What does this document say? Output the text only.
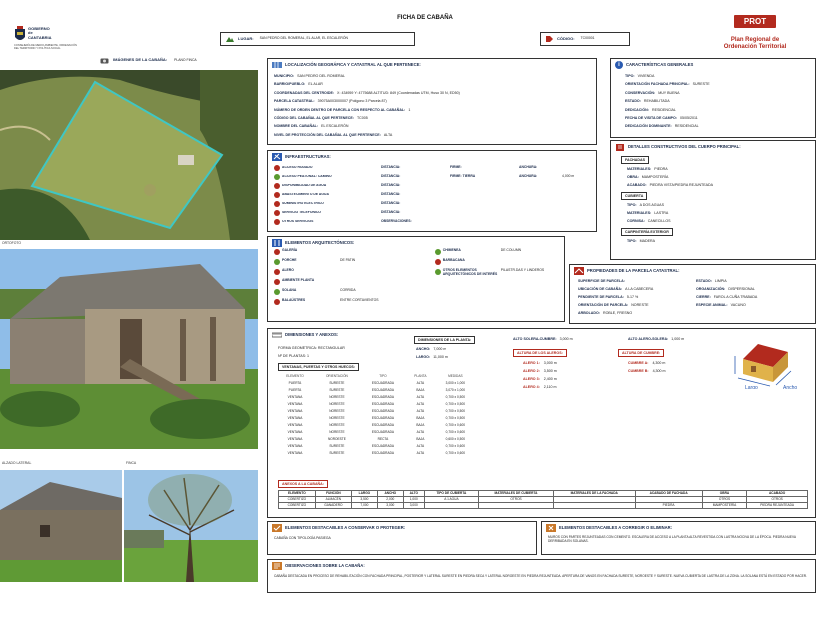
GOBIERNO
de
CANTABRIA
CONSEJERÍA DE MEDIO AMBIENTE, ORDENACIÓN
DEL TERRITORIO Y POLÍTICA SOCIAL
FICHA DE CABAÑA
LUGAR: SAN PEDRO DEL ROMERAL, EL ALAR, EL ESCALERÓN	CÓDIGO: TC00001
PROT
Plan Regional de
Ordenación Territorial
IMÁGENES DE LA CABAÑA: PLANO FINCA
ORTOFOTO
ALZADO LATERAL	FINCA
LOCALIZACIÓN GEOGRÁFICA Y CATASTRAL AL QUE PERTENECE:
MUNICIPIO: SAN PEDRO DEL ROMERAL
BARRIO/PUEBLO: EL ALAR
COORDENADAS DEL CENTROIDE: X: 434959 Y: 4775688 ALTITUD: 849 (Coordenadas UTM, Huso 30 N, ED50)
PARCELA CATASTRAL: 39075A003000007 (Polígono 3 Parcela 87)
NÚMERO DE ORDEN DENTRO DE PARCELA CON RESPECTO AL CABAÑAL: 1
CÓDIGO DEL CABAÑAL AL QUE PERTENECE: TC005
NOMBRE DEL CABAÑAL: EL ESCALERÓN
NIVEL DE PROTECCIÓN DEL CABAÑAL AL QUE PERTENECE: ALTA
i	CARACTERÍSTICAS GENERALES
TIPO: VIVIENDA
ORIENTACIÓN FACHADA PRINCIPAL: SURESTE
CONSERVACIÓN: MUY BUENA
ESTADO: REHABILITADA
DEDICACIÓN: RESIDENCIAL
FECHA DE VISITA DE CAMPO: 05/05/2011
DEDICACIÓN DOMINANTE: RESIDENCIAL
INFRAESTRUCTURAS:
ACCESO RODADO	DISTANCIA:	FIRME:	ANCHURA:
ACCESO PEATONAL: CAMINO	DISTANCIA:	FIRME: TIERRA	ANCHURA:	4,000 m
DISPONIBILIDAD DE AGUA	DISTANCIA:
ABASTECIMIENTO DE AGUA	DISTANCIA:
SUMINISTRO ELÉCTRICO	DISTANCIA:
SERVICIO TELEFÓNICO	DISTANCIA:
OTROS SERVICIOS	OBSERVACIONES:
DETALLES CONSTRUCTIVOS DEL CUERPO PRINCIPAL:
FACHADAS
MATERIALES: PIEDRA
OBRA: MAMPOSTERÍA
ACABADO: PIEDRA VISTA/PIEDRA REJUNTEADA
CUBIERTA
TIPO: A DOS AGUAS
MATERIALES: LASTRA
CORNISA: CANECILLOS
CARPINTERÍA EXTERIOR
TIPO: MADERA
ELEMENTOS ARQUITECTÓNICOS:
GALERÍA
PORCHE	DE PATIN
ALERO
AMBIENTE PLANTA
SOLANA	CORRIDA
BALAÚSTRES	ENTRE CORTAVIENTOS
CHIMENEA	DE COLUMN
BARBACANA
OTROS ELEMENTOS ARQUITECTÓNICOS DE INTERÉS
PILASTR.DAS Y LINDEROS	PROPIEDADES DE LA PARCELA CATASTRAL:
SUPERFICIE DE PARCELA:	ESTADO: LIMPIA
UBICACIÓN DE CABAÑA: A LA CABECERA	ORGANIZACIÓN: DISPERSIONAL
PENDIENTE DE PARCELA: 5-17 %	CIERRE: FAROL A CUÑA TRABADA
ORIENTACIÓN DE PARCELA: NORESTE	ESPECIE ANIMAL: VACUNO
ARBOLADO: ROBLE, FRESNO
DIMENSIONES Y ANEXOS:
FORMA GEOMÉTRICA: RECTANGULAR
Nº DE PLANTAS: 1
DIMENSIONES DE LA PLANTA:
ANCHO: 7,000 m
LARGO: 11,000 m
ALTO SOLERA-CUMBRE: 3,000 m	ALTO ALERO-SOLERA: 1,000 m
ALTURA DE LOS ALEROS:
ALERO 1: 3,000 m
ALERO 2: 3,500 m
ALERO 3: 2,400 m
ALERO 4: 2,110 m
ALTURA DE CUMBRE:
CUMBRE A: 4,300 m
CUMBRE B: 4,300 m
Largo	Ancho
VENTANAS, PUERTAS Y OTROS HUECOS:
ELEMENTO	ORIENTACIÓN	TIPO	PLANTA	MEDIDAS
PUERTA	SURESTE	ESCUADRADA	ALTA	3,000 x 1,000
PUERTA	SURESTE	ESCUADRADA	BAJA	3,070 x 1,000
VENTANA	NORESTE	ESCUADRADA	ALTA	0,700 x 0,500
VENTANA	NORESTE	ESCUADRADA	ALTA	0,700 x 0,500
VENTANA	NORESTE	ESCUADRADA	ALTA	0,700 x 0,500
VENTANA	NORESTE	ESCUADRADA	BAJA	0,700 x 0,500
VENTANA	NORESTE	ESCUADRADA	BAJA	0,700 x 0,600
VENTANA	NORESTE	ESCUADRADA	ALTA	0,700 x 0,600
VENTANA	NOROESTE	RECTA	BAJA	0,600 x 0,500
VENTANA	SURESTE	ESCUADRADA	ALTA	0,700 x 0,600
VENTANA	SURESTE	ESCUADRADA	ALTA	0,700 x 0,600
ANEXOS A LA CABAÑA:
ELEMENTO	FUNCIÓN	LARGO	ANCHO	ALTO	TIPO DE CUBIERTA	MATERIALES DE CUBIERTA	MATERIALES DE LA FACHADA	ACABADO DE FACHADA	OBRA	ACABADO
COBERTIZO	ALMACÉN	3,500	2,000	1,000	A 1 AGUA	OTROS			OTROS	OTROS
COBERTIZO	GANADERO	7,000	3,000	3,000				PIEDRA	MAMPOSTERÍA	PIEDRA REJUNTEADA
ELEMENTOS DESTACABLES A CONSERVAR O PROTEGER:
CABAÑA CON TIPOLOGÍA PASIEGA
ELEMENTOS DESTACABLES A CORREGIR O ELIMINAR:
MUROS CON PARTES REJUNTEADAS CON CEMENTO. ESCALERA DE ACCESO A LA PLANTA ALTA REVESTIDA CON LASTRA NOCIVA DE LA ÉPOCA. PIEDRA NUEVA DERRIBADA EN SOLANAS.
OBSERVACIONES SOBRE LA CABAÑA:
CABAÑA DESTACADA EN PROCESO DE REHABILITACIÓN CON FACHADA PRINCIPAL, POSTERIOR Y LATERAL SURESTE EN PIEDRA SECA Y LATERAL NOROESTE EN PIEDRA REJUNTEADA. APERTURA DE VANOS EN FACHADA SURESTE, NOROESTE Y SURESTE. NUEVA CUBIERTA DE LASTRA DE LA ZONA. LA SOLANA ESTÁ EN ESTADO POR HACER.
